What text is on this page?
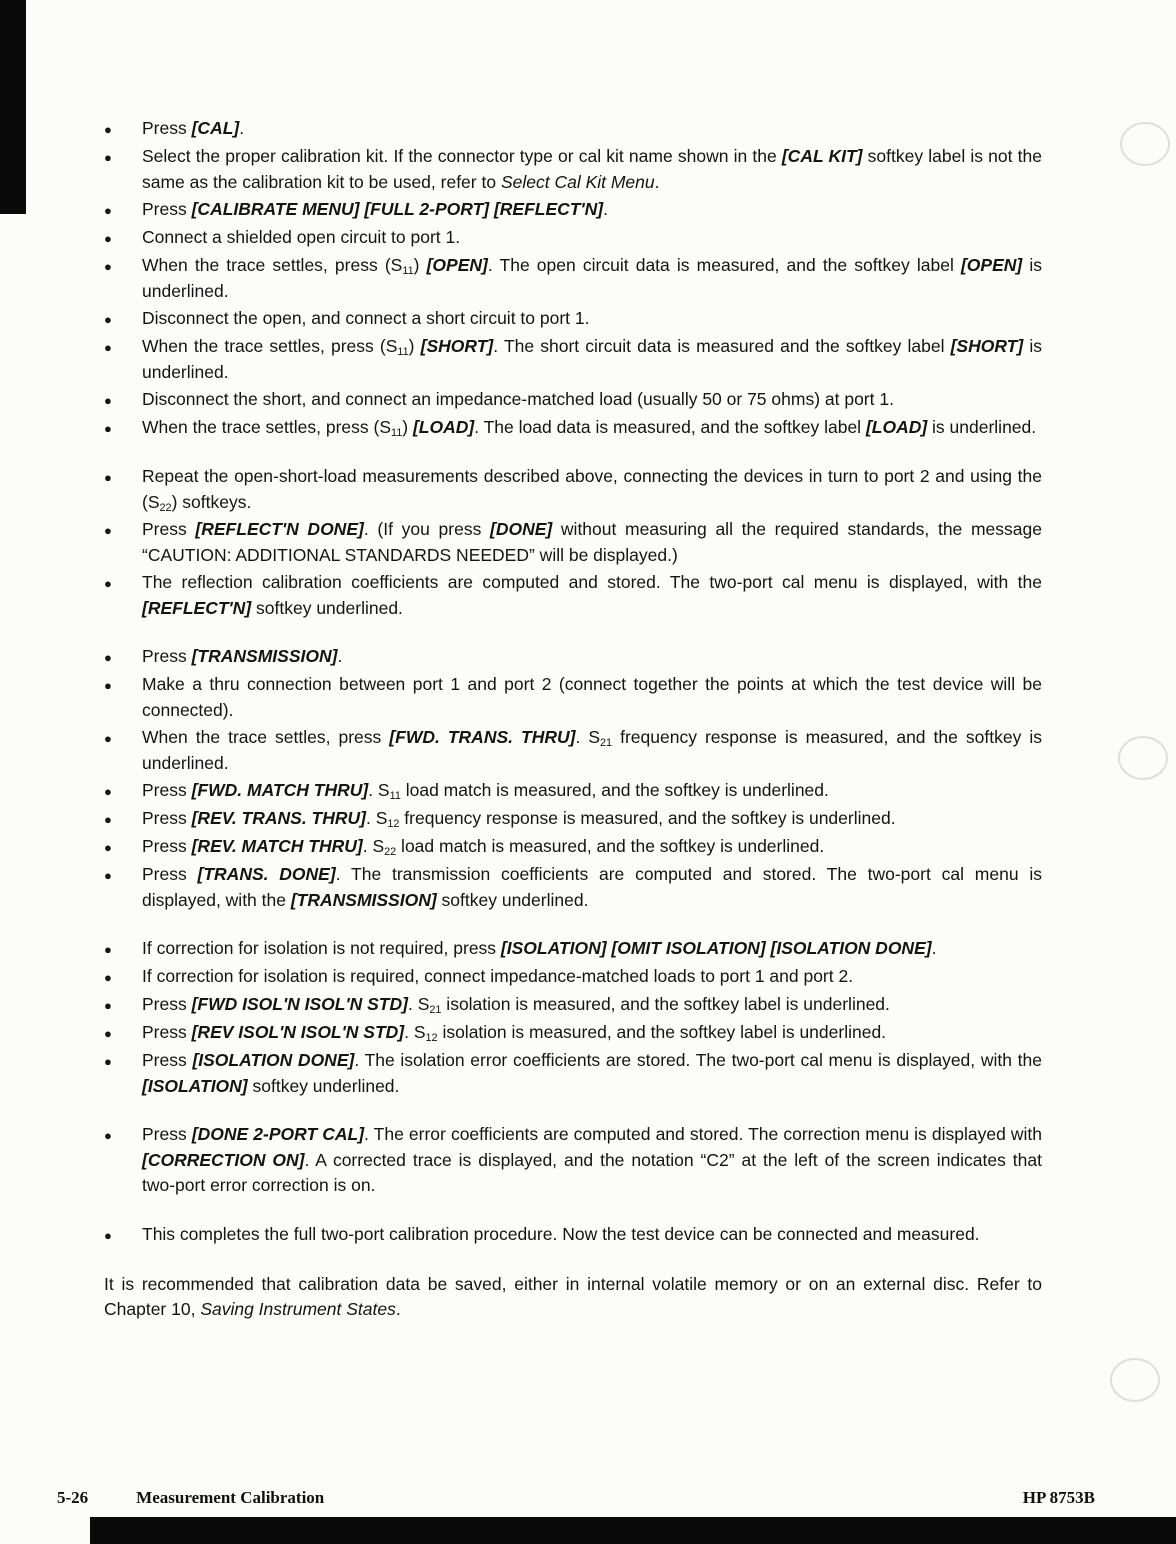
●	Press [CAL].
●	Select the proper calibration kit. If the connector type or cal kit name shown in the [CAL KIT] softkey label is not the same as the calibration kit to be used, refer to Select Cal Kit Menu.
●	Press [CALIBRATE MENU] [FULL 2-PORT] [REFLECT'N].
●	Connect a shielded open circuit to port 1.
●	When the trace settles, press $(S_{11})$ [OPEN]. The open circuit data is measured, and the softkey label [OPEN] is underlined.
●	Disconnect the open, and connect a short circuit to port 1.
●	When the trace settles, press $(S_{11})$ [SHORT]. The short circuit data is measured and the softkey label [SHORT] is underlined.
●	Disconnect the short, and connect an impedance-matched load (usually 50 or 75 ohms) at port 1.
●	When the trace settles, press $(S_{11})$ [LOAD]. The load data is measured, and the softkey label [LOAD] is underlined.
●	Repeat the open-short-load measurements described above, connecting the devices in turn to port 2 and using the $(S_{22})$ softkeys.
●	Press [REFLECT'N DONE]. (If you press [DONE] without measuring all the required standards, the message “CAUTION: ADDITIONAL STANDARDS NEEDED” will be displayed.)
●	The reflection calibration coefficients are computed and stored. The two-port cal menu is displayed, with the [REFLECT'N] softkey underlined.
●	Press [TRANSMISSION].
●	Make a thru connection between port 1 and port 2 (connect together the points at which the test device will be connected).
●	When the trace settles, press [FWD. TRANS. THRU]. $S_{21}$ frequency response is measured, and the softkey is underlined.
●	Press [FWD. MATCH THRU]. $S_{11}$ load match is measured, and the softkey is underlined.
●	Press [REV. TRANS. THRU]. $S_{12}$ frequency response is measured, and the softkey is underlined.
●	Press [REV. MATCH THRU]. $S_{22}$ load match is measured, and the softkey is underlined.
●	Press [TRANS. DONE]. The transmission coefficients are computed and stored. The two-port cal menu is displayed, with the [TRANSMISSION] softkey underlined.
●	If correction for isolation is not required, press [ISOLATION] [OMIT ISOLATION] [ISOLATION DONE].
●	If correction for isolation is required, connect impedance-matched loads to port 1 and port 2.
●	Press [FWD ISOL'N ISOL'N STD]. $S_{21}$ isolation is measured, and the softkey label is underlined.
●	Press [REV ISOL'N ISOL'N STD]. $S_{12}$ isolation is measured, and the softkey label is underlined.
●	Press [ISOLATION DONE]. The isolation error coefficients are stored. The two-port cal menu is displayed, with the [ISOLATION] softkey underlined.
●	Press [DONE 2-PORT CAL]. The error coefficients are computed and stored. The correction menu is displayed with [CORRECTION ON]. A corrected trace is displayed, and the notation “C2” at the left of the screen indicates that two-port error correction is on.
●	This completes the full two-port calibration procedure. Now the test device can be connected and measured.

It is recommended that calibration data be saved, either in internal volatile memory or on an external disc. Refer to Chapter 10, Saving Instrument States.

5-26	Measurement Calibration	HP 8753B
